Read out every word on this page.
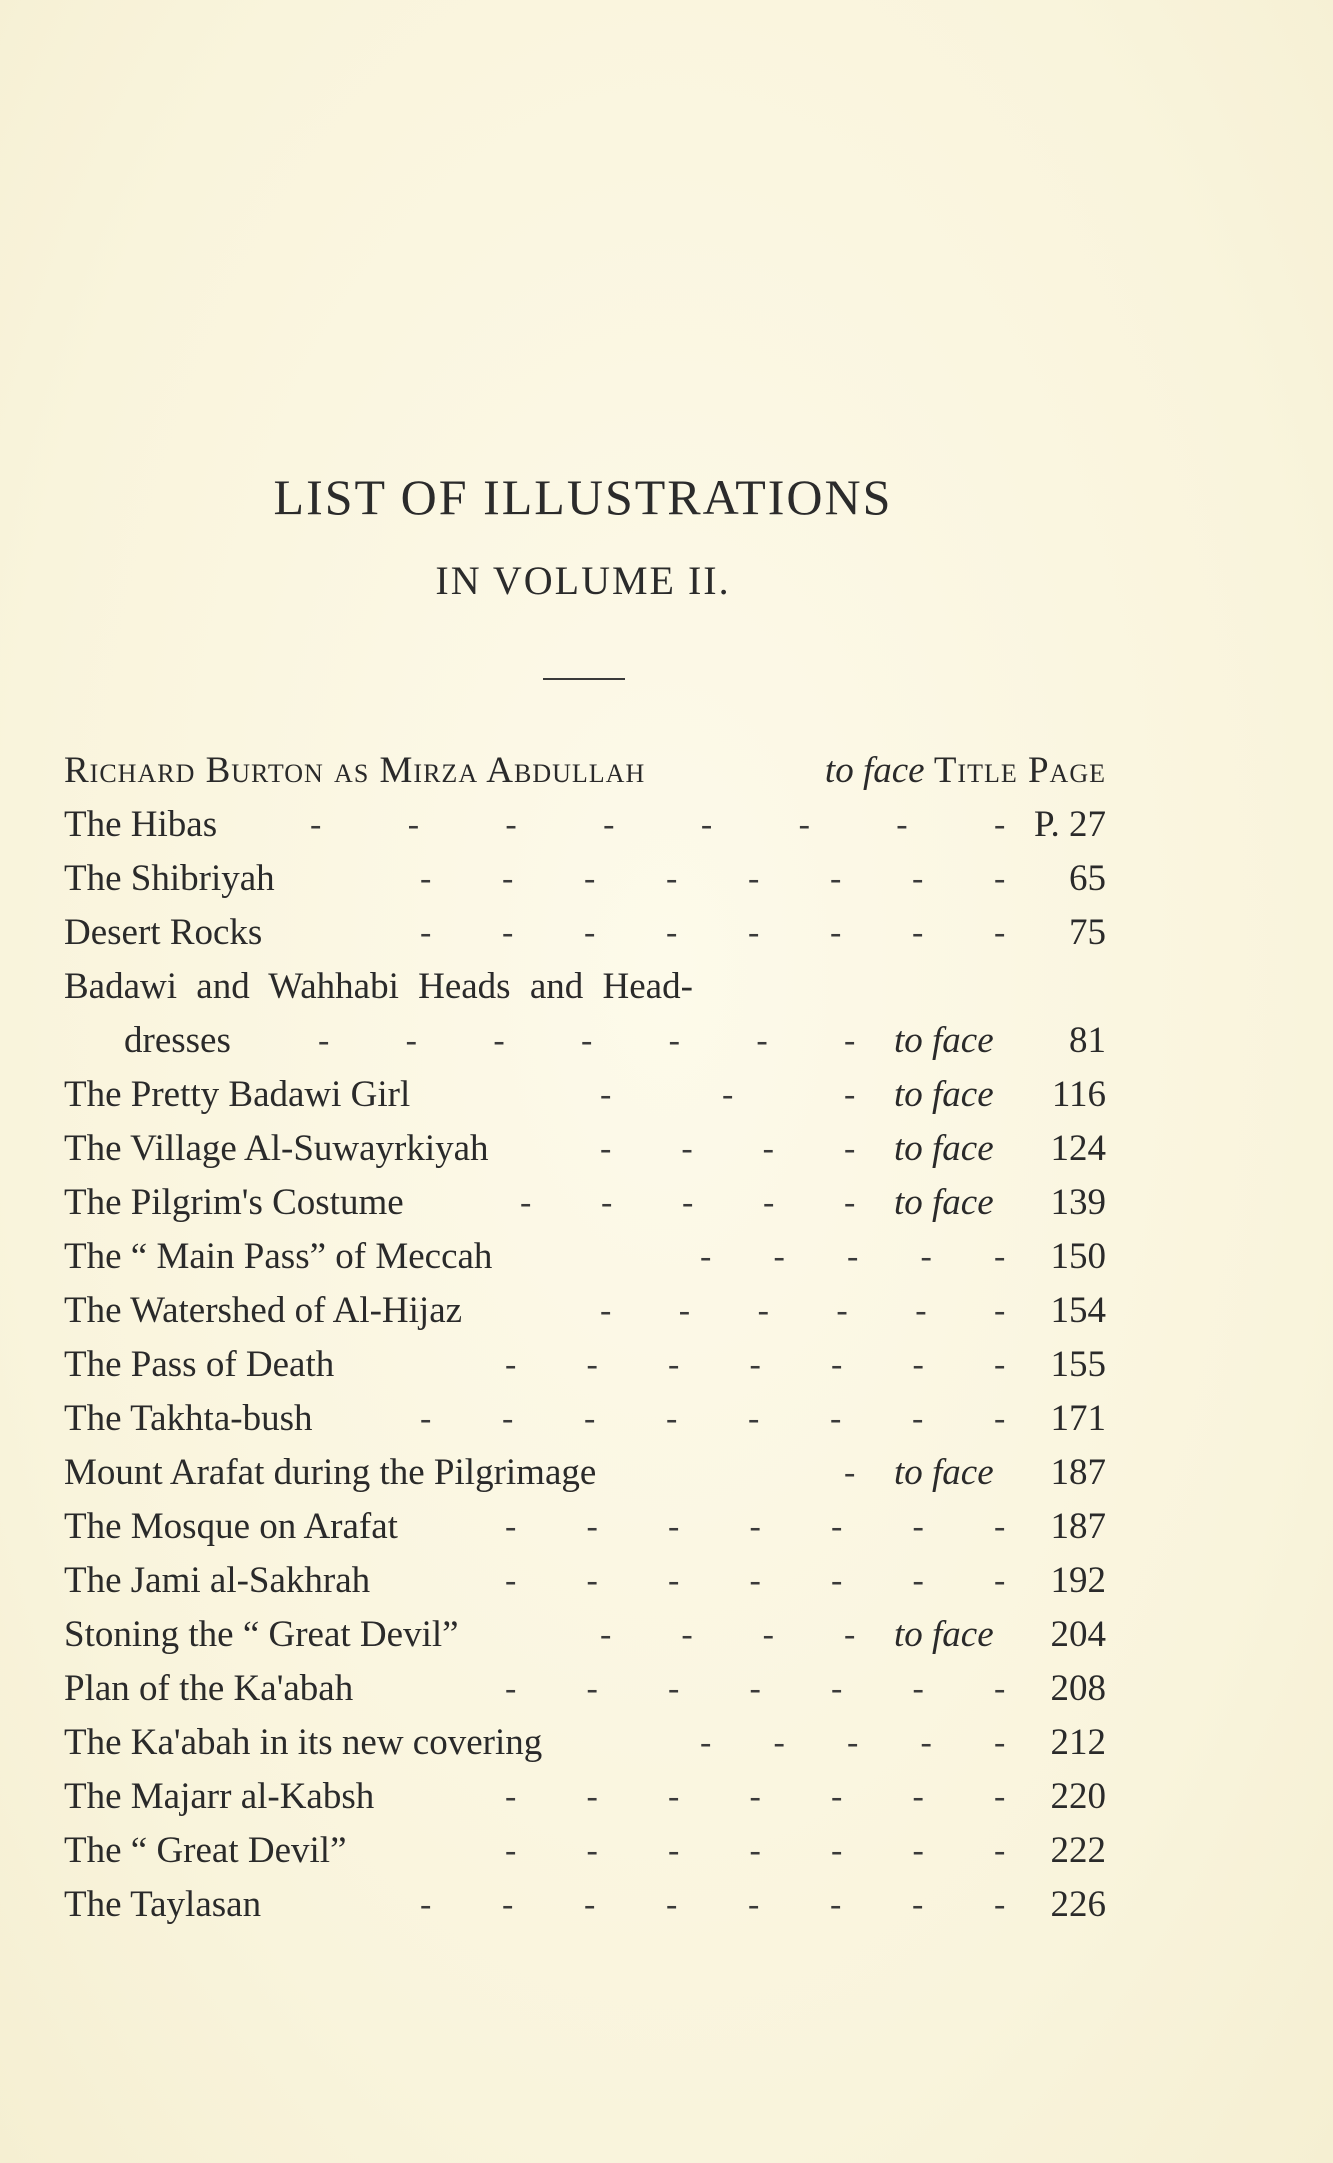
LIST OF ILLUSTRATIONS
IN VOLUME II.
Richard Burton as Mirza Abdullah	to face Title Page
The Hibas	-	-	-	-	-	-	-	- P. 27
The Shibriyah	- - - - - - - - 65
Desert Rocks	- - - - - - - - 75
Badawi and Wahhabi Heads and Head-
dresses	- - - - - - - to face 81
The Pretty Badawi Girl	-	-	- to face 116
The Village Al-Suwayrkiyah	- - - - to face 124
The Pilgrim's Costume	- - - - - to face 139
The “ Main Pass” of Meccah	- - - - - 150
The Watershed of Al-Hijaz	- - - - - - 154
The Pass of Death	- - - - - - - 155
The Takhta-bush	- - - - - - - - 171
Mount Arafat during the Pilgrimage	- to face 187
The Mosque on Arafat	- - - - - - - 187
The Jami al-Sakhrah	- - - - - - - 192
Stoning the “ Great Devil”	- - - - to face 204
Plan of the Ka'abah	- - - - - - - 208
The Ka'abah in its new covering	- - - - - 212
The Majarr al-Kabsh	- - - - - - - 220
The “ Great Devil”	- - - - - - - 222
The Taylasan	- - - - - - - - 226
